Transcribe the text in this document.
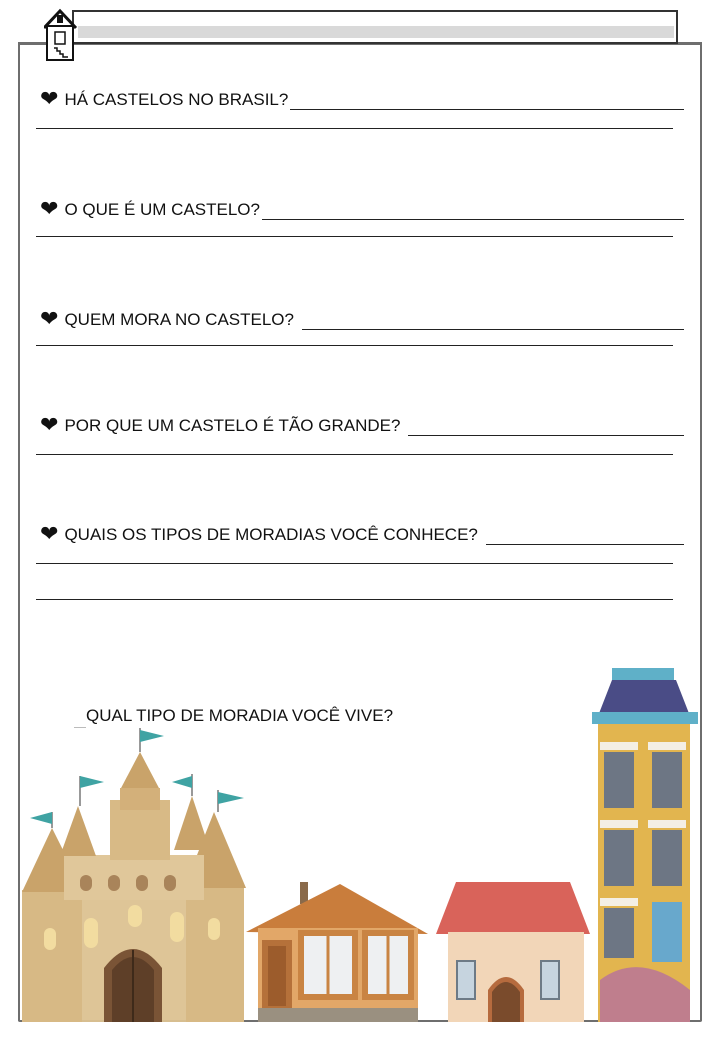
❤ HÁ CASTELOS NO BRASIL?
❤ O QUE É UM CASTELO?
❤ QUEM MORA NO CASTELO?
❤ POR QUE UM CASTELO É TÃO GRANDE?
❤ QUAIS OS TIPOS DE MORADIAS VOCÊ CONHECE?
QUAL TIPO DE MORADIA VOCÊ VIVE?
